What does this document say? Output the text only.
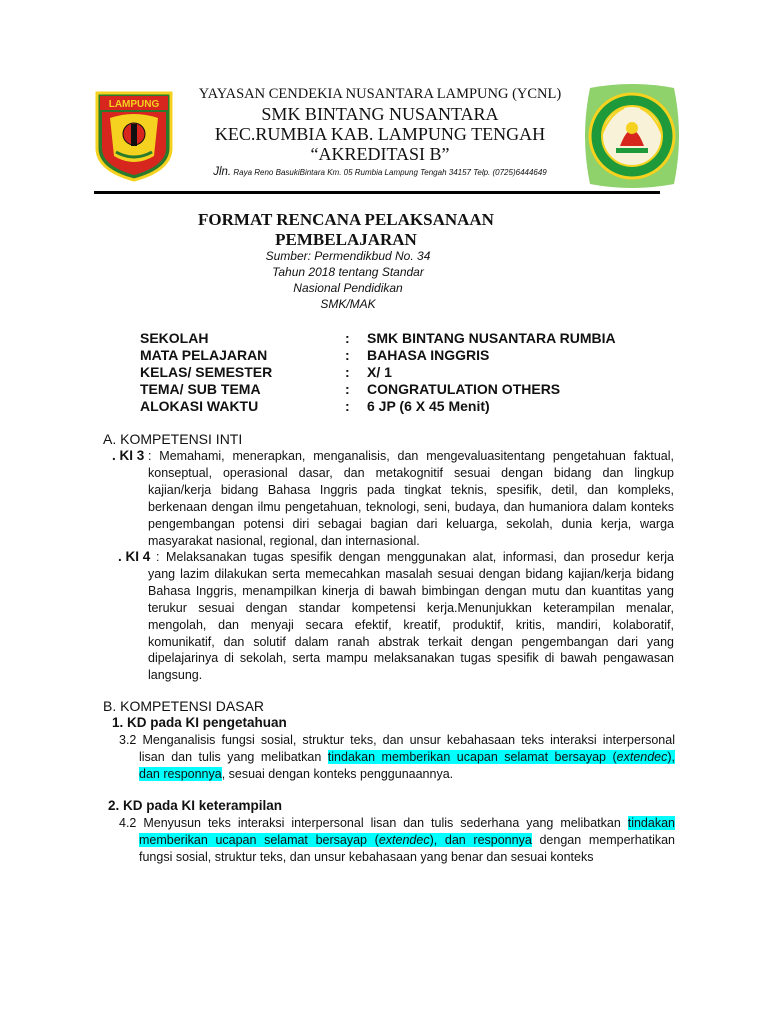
LAMPUNG
YAYASAN CENDEKIA NUSANTARA LAMPUNG (YCNL)
SMK BINTANG NUSANTARA
KEC.RUMBIA KAB. LAMPUNG TENGAH
“AKREDITASI B”
Jln. Raya Reno BasukiBintara Km. 05 Rumbia Lampung Tengah 34157 Telp. (0725)6444649
FORMAT RENCANA PELAKSANAAN
PEMBELAJARAN
Sumber: Permendikbud No. 34
Tahun 2018 tentang Standar
Nasional Pendidikan
SMK/MAK
SEKOLAH	: SMK BINTANG NUSANTARA RUMBIA
MATA PELAJARAN	: BAHASA INGGRIS
KELAS/ SEMESTER	: X/ 1
TEMA/ SUB TEMA	: CONGRATULATION OTHERS
ALOKASI WAKTU	: 6 JP (6 X 45 Menit)
A. KOMPETENSI INTI
. KI 3 : Memahami, menerapkan, menganalisis, dan mengevaluasitentang pengetahuan faktual,
konseptual, operasional dasar, dan metakognitif sesuai dengan bidang dan lingkup
kajian/kerja bidang Bahasa Inggris pada tingkat teknis, spesifik, detil, dan kompleks,
berkenaan dengan ilmu pengetahuan, teknologi, seni, budaya, dan humaniora dalam konteks
pengembangan potensi diri sebagai bagian dari keluarga, sekolah, dunia kerja, warga
masyarakat nasional, regional, dan internasional.
. KI 4 : Melaksanakan tugas spesifik dengan menggunakan alat, informasi, dan prosedur kerja
yang lazim dilakukan serta memecahkan masalah sesuai dengan bidang kajian/kerja bidang
Bahasa Inggris, menampilkan kinerja di bawah bimbingan dengan mutu dan kuantitas yang
terukur sesuai dengan standar kompetensi kerja.Menunjukkan keterampilan menalar,
mengolah, dan menyaji secara efektif, kreatif, produktif, kritis, mandiri, kolaboratif,
komunikatif, dan solutif dalam ranah abstrak terkait dengan pengembangan dari yang
dipelajarinya di sekolah, serta mampu melaksanakan tugas spesifik di bawah pengawasan
langsung.
B. KOMPETENSI DASAR
1. KD pada KI pengetahuan
3.2 Menganalisis fungsi sosial, struktur teks, dan unsur kebahasaan teks interaksi interpersonal
lisan dan tulis yang melibatkan tindakan memberikan ucapan selamat bersayap (extendec),
dan responnya, sesuai dengan konteks penggunaannya.
2. KD pada KI keterampilan
4.2 Menyusun teks interaksi interpersonal lisan dan tulis sederhana yang melibatkan tindakan
memberikan ucapan selamat bersayap (extendec), dan responnya dengan memperhatikan
fungsi sosial, struktur teks, dan unsur kebahasaan yang benar dan sesuai konteks
